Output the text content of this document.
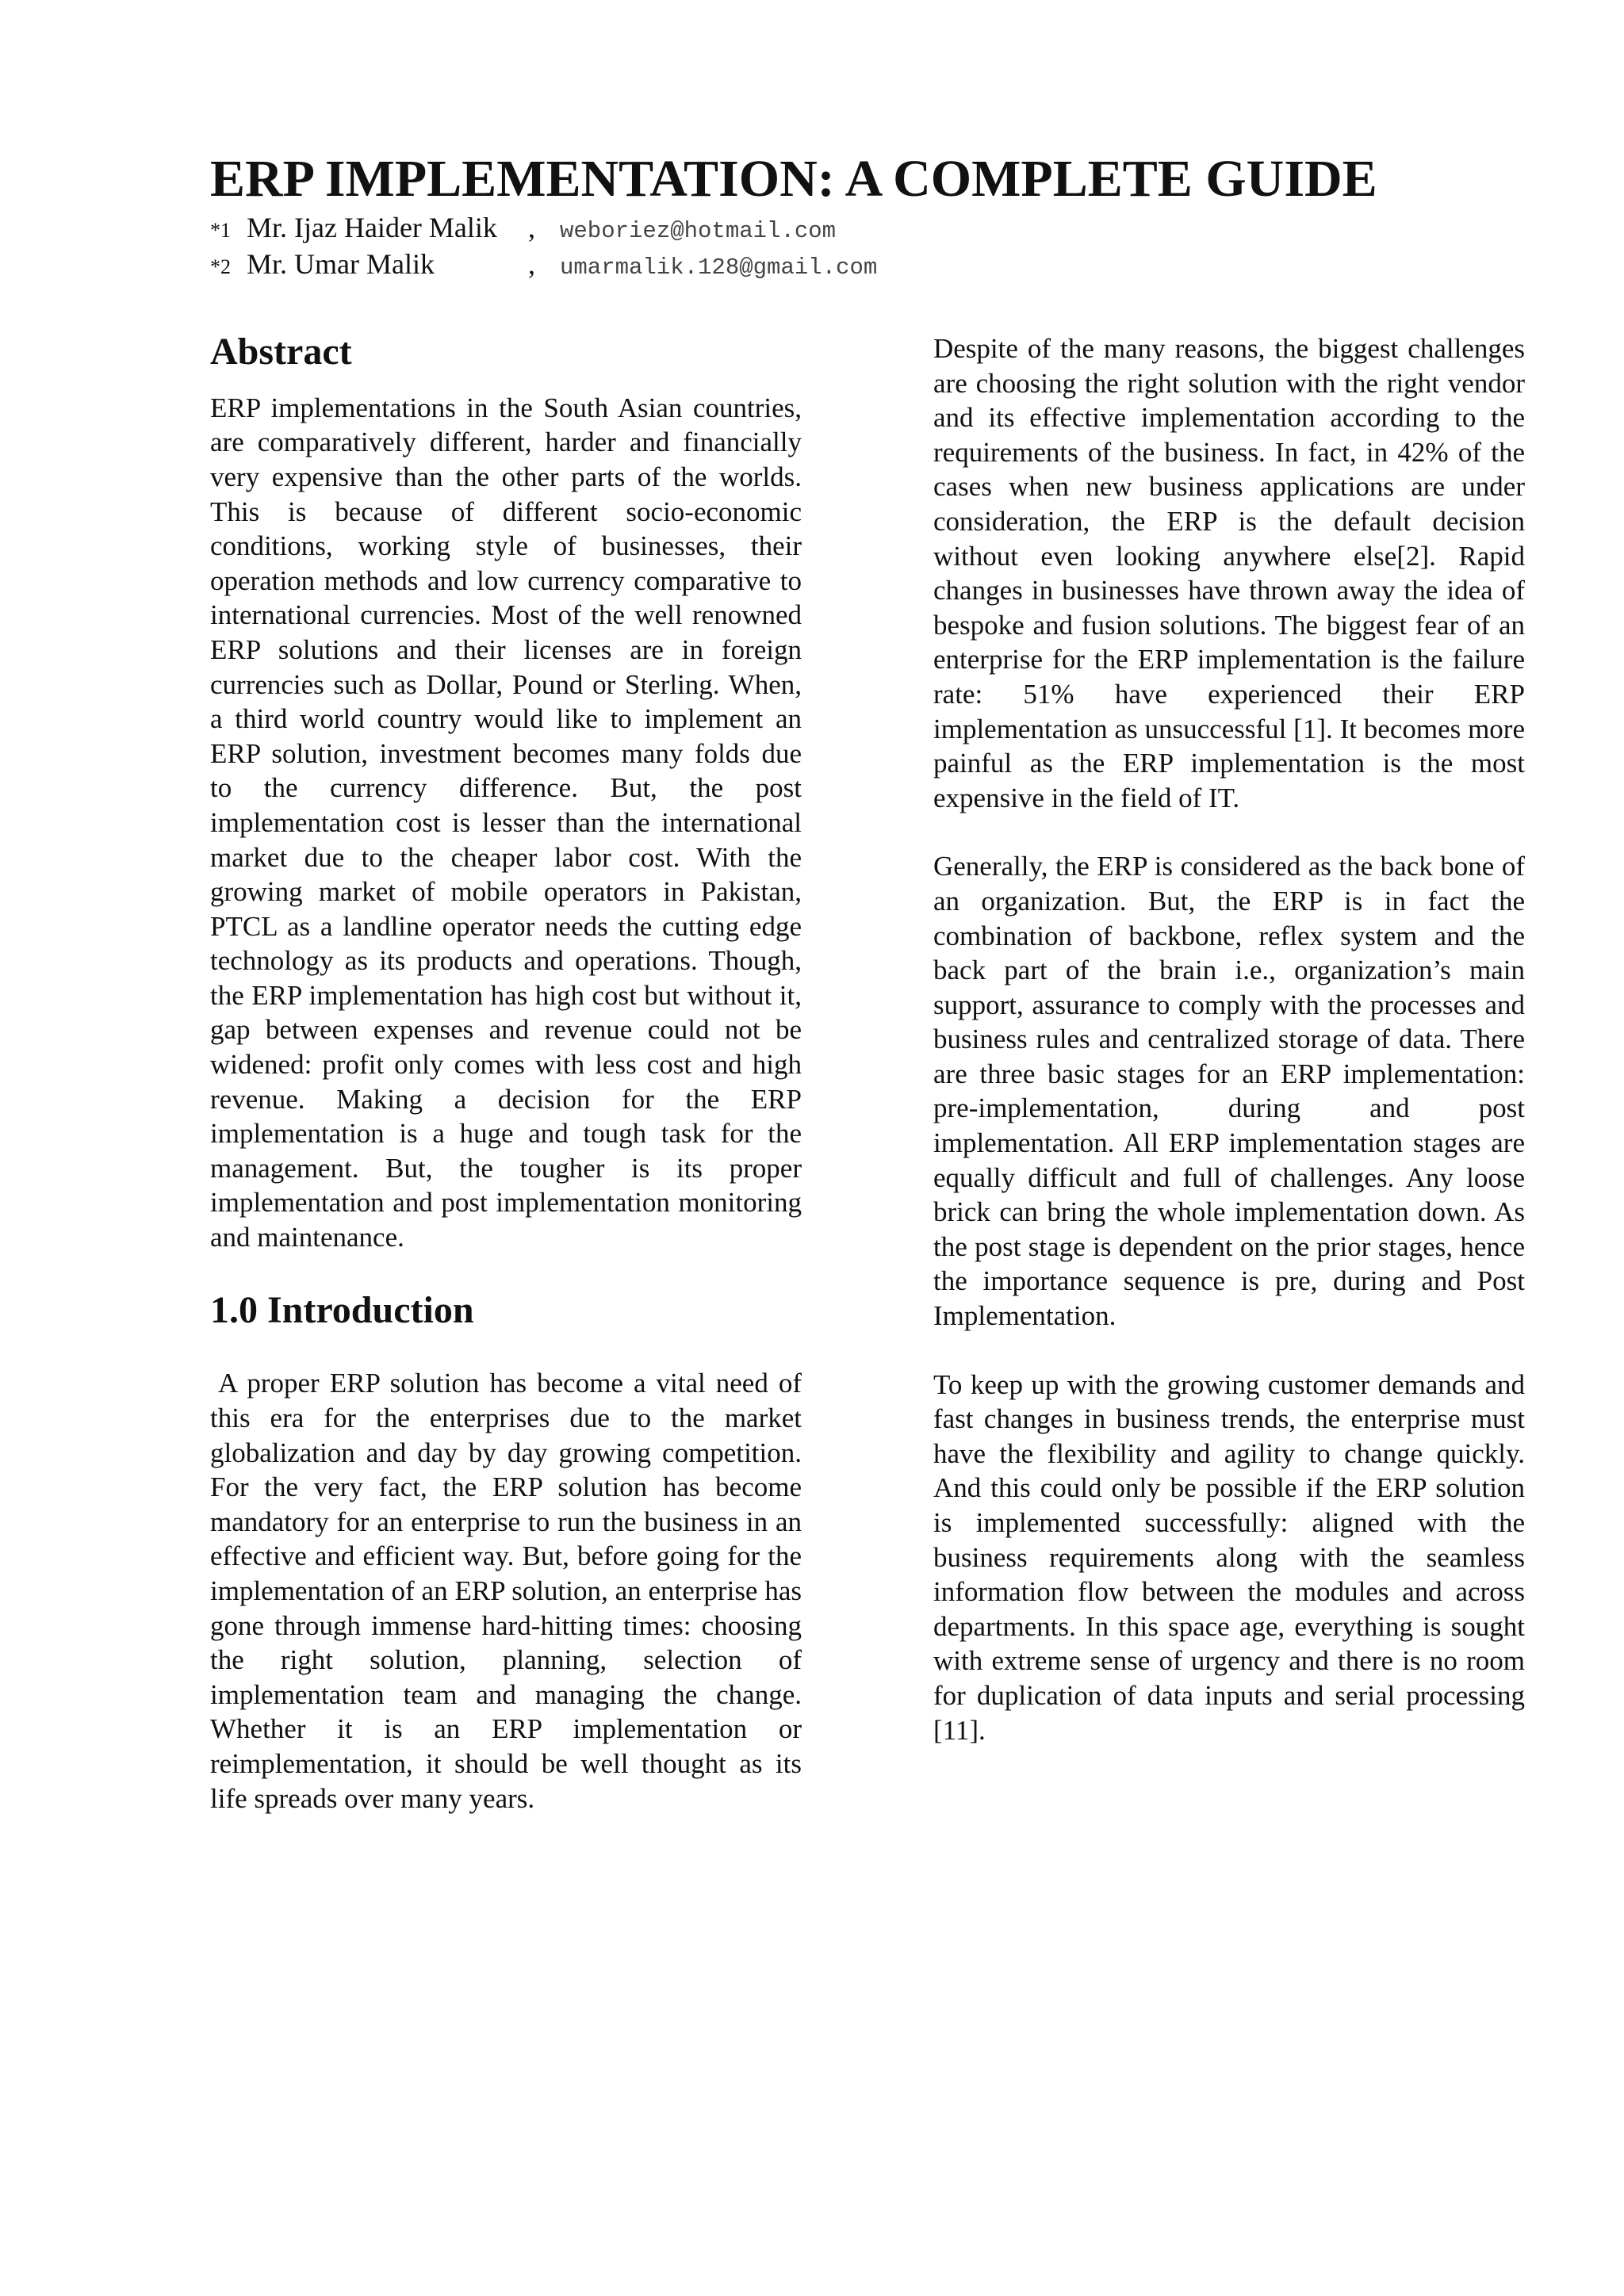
ERP IMPLEMENTATION: A COMPLETE GUIDE
*1 Mr. Ijaz Haider Malik , weboriez@hotmail.com
*2 Mr. Umar Malik	, umarmalik.128@gmail.com
Abstract

ERP implementations in the South Asian countries, are comparatively different, harder and financially very expensive than the other parts of the worlds. This is because of different socio-economic conditions, working style of businesses, their operation methods and low currency comparative to international currencies. Most of the well renowned ERP solutions and their licenses are in foreign currencies such as Dollar, Pound or Sterling. When, a third world country would like to implement an ERP solution, investment becomes many folds due to the currency difference. But, the post implementation cost is lesser than the international market due to the cheaper labor cost. With the growing market of mobile operators in Pakistan, PTCL as a landline operator needs the cutting edge technology as its products and operations. Though, the ERP implementation has high cost but without it, gap between expenses and revenue could not be widened: profit only comes with less cost and high revenue. Making a decision for the ERP implementation is a huge and tough task for the management. But, the tougher is its proper implementation and post implementation monitoring and maintenance.

1.0 Introduction

A proper ERP solution has become a vital need of this era for the enterprises due to the market globalization and day by day growing competition. For the very fact, the ERP solution has become mandatory for an enterprise to run the business in an effective and efficient way. But, before going for the implementation of an ERP solution, an enterprise has gone through immense hard-hitting times: choosing the right solution, planning, selection of implementation team and managing the change. Whether it is an ERP implementation or reimplementation, it should be well thought as its life spreads over many years.

Despite of the many reasons, the biggest challenges are choosing the right solution with the right vendor and its effective implementation according to the requirements of the business. In fact, in 42% of the cases when new business applications are under consideration, the ERP is the default decision without even looking anywhere else[2]. Rapid changes in businesses have thrown away the idea of bespoke and fusion solutions. The biggest fear of an enterprise for the ERP implementation is the failure rate: 51% have experienced their ERP implementation as unsuccessful [1]. It becomes more painful as the ERP implementation is the most expensive in the field of IT.

Generally, the ERP is considered as the back bone of an organization. But, the ERP is in fact the combination of backbone, reflex system and the back part of the brain i.e., organization’s main support, assurance to comply with the processes and business rules and centralized storage of data. There are three basic stages for an ERP implementation: pre-implementation, during and post implementation. All ERP implementation stages are equally difficult and full of challenges. Any loose brick can bring the whole implementation down. As the post stage is dependent on the prior stages, hence the importance sequence is pre, during and Post Implementation.

To keep up with the growing customer demands and fast changes in business trends, the enterprise must have the flexibility and agility to change quickly. And this could only be possible if the ERP solution is implemented successfully: aligned with the business requirements along with the seamless information flow between the modules and across departments. In this space age, everything is sought with extreme sense of urgency and there is no room for duplication of data inputs and serial processing [11].
